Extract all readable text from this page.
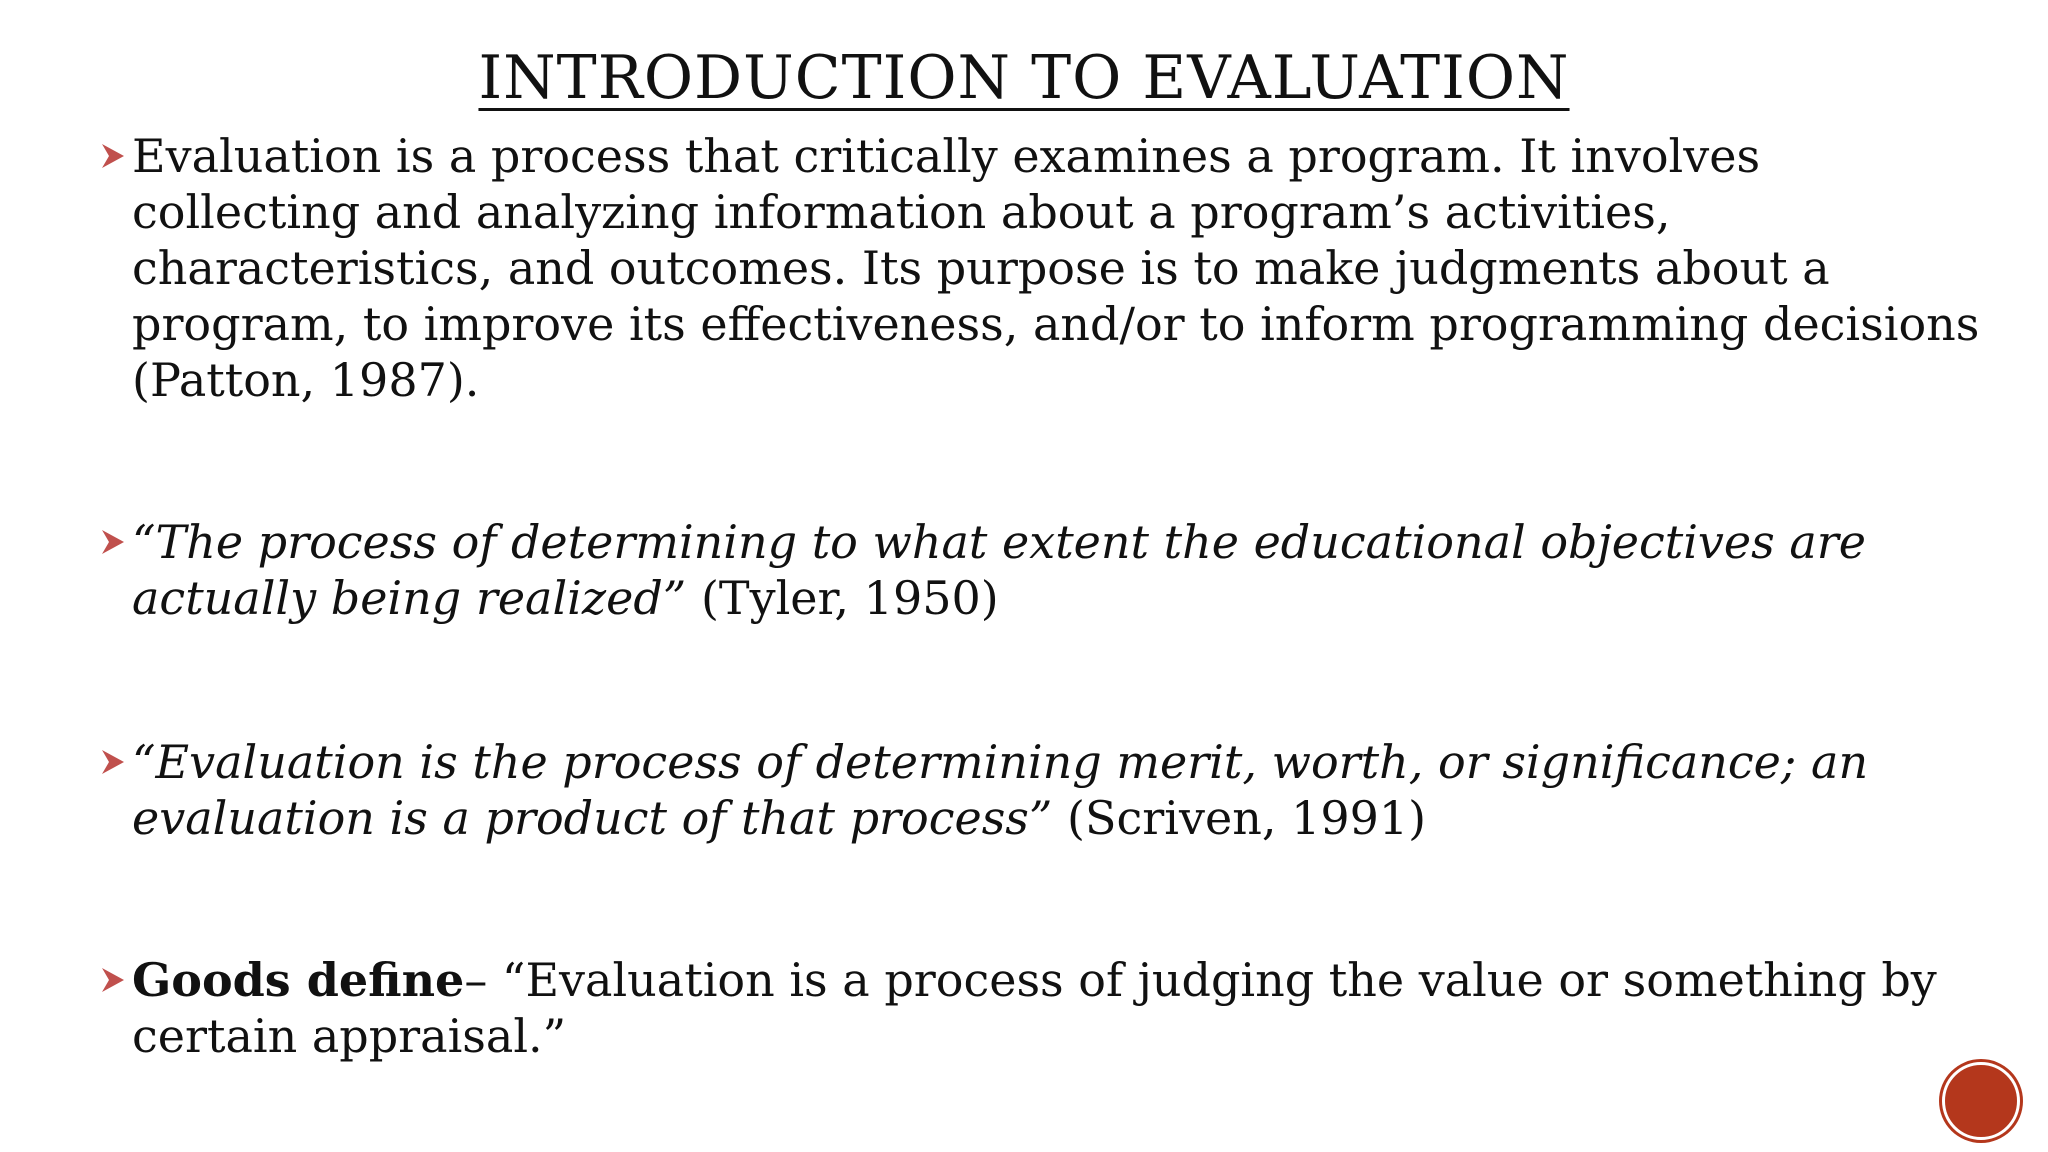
INTRODUCTION TO EVALUATION

Evaluation is a process that critically examines a program. It involves collecting and analyzing information about a program’s activities, characteristics, and outcomes. Its purpose is to make judgments about a program, to improve its effectiveness, and/or to inform programming decisions (Patton, 1987).

“The process of determining to what extent the educational objectives are actually being realized” (Tyler, 1950)

“Evaluation is the process of determining merit, worth, or significance; an evaluation is a product of that process” (Scriven, 1991)

Goods define– “Evaluation is a process of judging the value or something by certain appraisal.”
